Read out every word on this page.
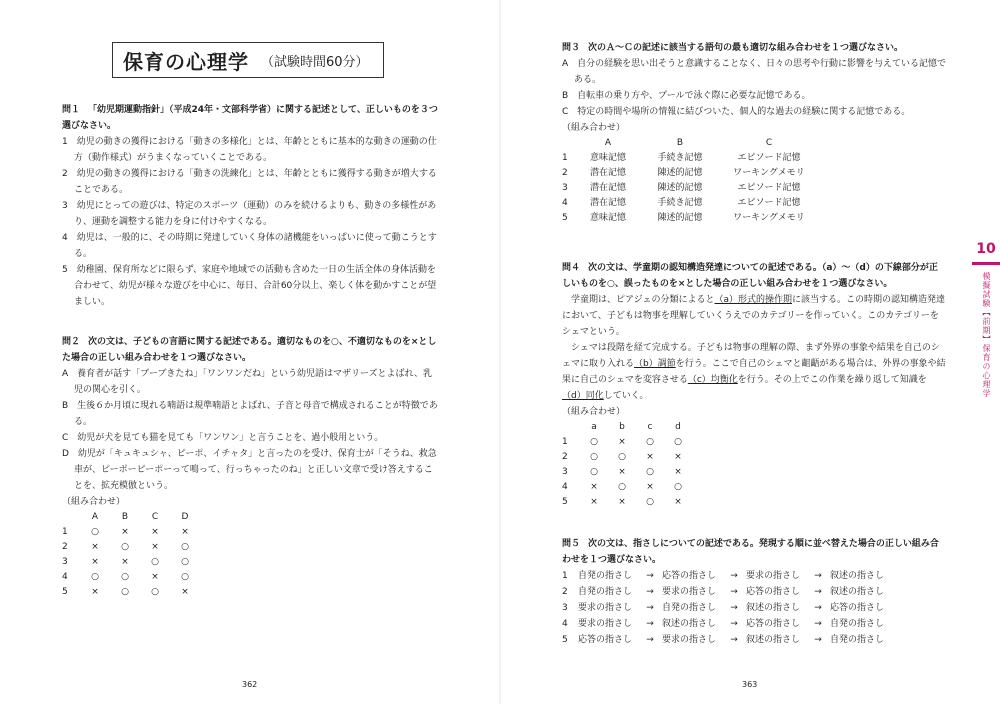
保育の心理学 （試験時間60分）

問１ 「幼児期運動指針」（平成24年・文部科学省）に関する記述として、正しいものを３つ選びなさい。

1　幼児の動きの獲得における「動きの多様化」とは、年齢とともに基本的な動きの運動の仕方（動作様式）がうまくなっていくことである。

2　幼児の動きの獲得における「動きの洗練化」とは、年齢とともに獲得する動きが増大することである。

3　幼児にとっての遊びは、特定のスポーツ（運動）のみを続けるよりも、動きの多様性があり、運動を調整する能力を身に付けやすくなる。

4　幼児は、一般的に、その時期に発達していく身体の諸機能をいっぱいに使って動こうとする。

5　幼稚園、保育所などに限らず、家庭や地域での活動も含めた一日の生活全体の身体活動を合わせて、幼児が様々な遊びを中心に、毎日、合計60分以上、楽しく体を動かすことが望ましい。

問２ 次の文は、子どもの言語に関する記述である。適切なものを○、不適切なものを×とした場合の正しい組み合わせを１つ選びなさい。

A　養育者が話す「ブーブきたね」「ワンワンだね」という幼児語はマザリーズとよばれ、乳児の関心を引く。

B　生後６か月頃に現れる喃語は規準喃語とよばれ、子音と母音で構成されることが特徴である。

C　幼児が犬を見ても猫を見ても「ワンワン」と言うことを、過小般用という。

D　幼児が「キュキュシャ、ピーポ、イチャタ」と言ったのを受け、保育士が「そうね、救急車が、ピーポーピーポーって鳴って、行っちゃったのね」と正しい文章で受け答えすることを、拡充模倣という。

（組み合わせ）

	A	B	C	D
1	○	×	×	×
2	×	○	×	○
3	×	×	○	○
4	○	○	×	○
5	×	○	○	×
362

問３ 次のＡ～Ｃの記述に該当する語句の最も適切な組み合わせを１つ選びなさい。

A　自分の経験を思い出そうと意識することなく、日々の思考や行動に影響を与えている記憶である。

B　自転車の乗り方や、プールで泳ぐ際に必要な記憶である。

C　特定の時間や場所の情報に結びついた、個人的な過去の経験に関する記憶である。

（組み合わせ）

	A	B	C
1	意味記憶	手続き記憶	エピソード記憶
2	潜在記憶	陳述的記憶	ワーキングメモリ
3	潜在記憶	陳述的記憶	エピソード記憶
4	潜在記憶	手続き記憶	エピソード記憶
5	意味記憶	陳述的記憶	ワーキングメモリ

問４ 次の文は、学童期の認知構造発達についての記述である。（a）～（d）の下線部分が正しいものを○、誤ったものを×とした場合の正しい組み合わせを１つ選びなさい。

学童期は、ピアジェの分類によると（a）形式的操作期に該当する。この時期の認知構造発達において、子どもは物事を理解していくうえでのカテゴリーを作っていく。このカテゴリーをシェマという。

シェマは段階を経て完成する。子どもは物事の理解の際、まず外界の事象や結果を自己のシェマに取り入れる（b）調節を行う。ここで自己のシェマと齟齬がある場合は、外界の事象や結果に自己のシェマを変容させる（c）均衡化を行う。その上でこの作業を繰り返して知識を（d）同化していく。

（組み合わせ）

	a	b	c	d
1	○	×	○	○
2	○	○	×	×
3	○	×	○	×
4	×	○	×	○
5	×	×	○	×

問５ 次の文は、指さしについての記述である。発現する順に並べ替えた場合の正しい組み合わせを１つ選びなさい。

1 自発の指さし → 応答の指さし → 要求の指さし → 叙述の指さし

2 自発の指さし → 要求の指さし → 応答の指さし → 叙述の指さし

3 要求の指さし → 自発の指さし → 叙述の指さし → 応答の指さし

4 要求の指さし → 叙述の指さし → 応答の指さし → 自発の指さし

5 応答の指さし → 要求の指さし → 叙述の指さし → 自発の指さし

363
10
模擬試験【前期】保育の心理学
